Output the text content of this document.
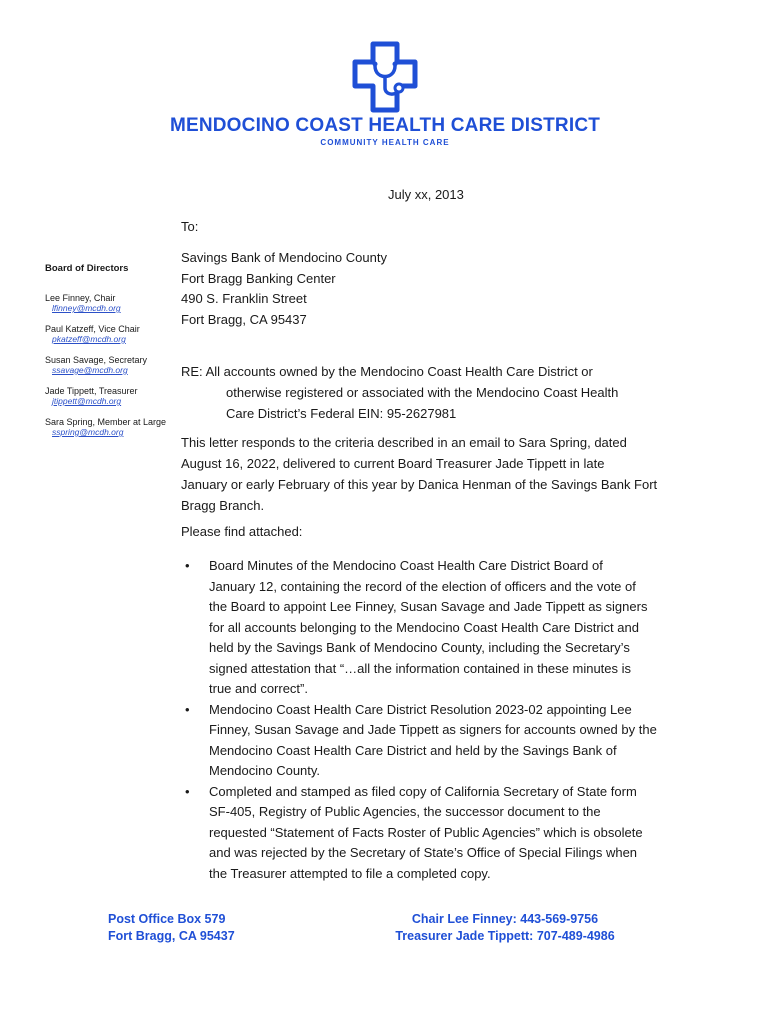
MENDOCINO COAST HEALTH CARE DISTRICT
COMMUNITY HEALTH CARE
July xx, 2013
To:
Savings Bank of Mendocino County
Fort Bragg Banking Center
490 S. Franklin Street
Fort Bragg, CA 95437
Board of Directors
Lee Finney, Chair
lfinney@mcdh.org
Paul Katzeff, Vice Chair
pkatzeff@mcdh.org
Susan Savage, Secretary
ssavage@mcdh.org
Jade Tippett, Treasurer
jtippett@mcdh.org
Sara Spring, Member at Large
sspring@mcdh.org
RE: All accounts owned by the Mendocino Coast Health Care District or
otherwise registered or associated with the Mendocino Coast Health
Care District’s Federal EIN: 95-2627981
This letter responds to the criteria described in an email to Sara Spring, dated
August 16, 2022, delivered to current Board Treasurer Jade Tippett in late
January or early February of this year by Danica Henman of the Savings Bank Fort
Bragg Branch.
Please find attached:
• Board Minutes of the Mendocino Coast Health Care District Board of
January 12, containing the record of the election of officers and the vote of
the Board to appoint Lee Finney, Susan Savage and Jade Tippett as signers
for all accounts belonging to the Mendocino Coast Health Care District and
held by the Savings Bank of Mendocino County, including the Secretary’s
signed attestation that “…all the information contained in these minutes is
true and correct”.
• Mendocino Coast Health Care District Resolution 2023-02 appointing Lee
Finney, Susan Savage and Jade Tippett as signers for accounts owned by the
Mendocino Coast Health Care District and held by the Savings Bank of
Mendocino County.
• Completed and stamped as filed copy of California Secretary of State form
SF-405, Registry of Public Agencies, the successor document to the
requested “Statement of Facts Roster of Public Agencies” which is obsolete
and was rejected by the Secretary of State’s Office of Special Filings when
the Treasurer attempted to file a completed copy.
Post Office Box 579
Fort Bragg, CA 95437
Chair Lee Finney: 443-569-9756
Treasurer Jade Tippett: 707-489-4986
